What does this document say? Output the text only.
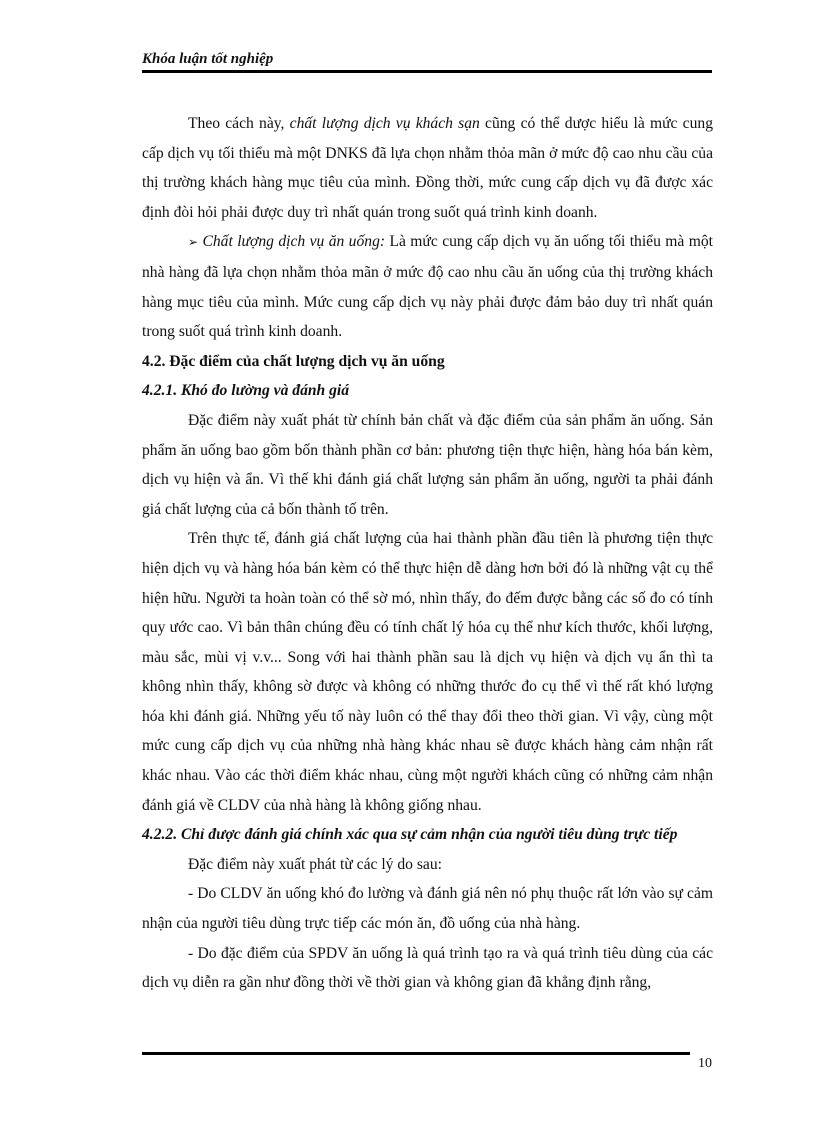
Khóa luận tốt nghiệp

Theo cách này, chất lượng dịch vụ khách sạn cũng có thể dược hiểu là mức cung cấp dịch vụ tối thiểu mà một DNKS đã lựa chọn nhằm thỏa mãn ở mức độ cao nhu cầu của thị trường khách hàng mục tiêu của mình. Đồng thời, mức cung cấp dịch vụ đã được xác định đòi hỏi phải được duy trì nhất quán trong suốt quá trình kinh doanh.

➢ Chất lượng dịch vụ ăn uống: Là mức cung cấp dịch vụ ăn uống tối thiểu mà một nhà hàng đã lựa chọn nhằm thỏa mãn ở mức độ cao nhu cầu ăn uống của thị trường khách hàng mục tiêu của mình. Mức cung cấp dịch vụ này phải được đảm bảo duy trì nhất quán trong suốt quá trình kinh doanh.

4.2. Đặc điểm của chất lượng dịch vụ ăn uống

4.2.1. Khó đo lường và đánh giá

Đặc điểm này xuất phát từ chính bản chất và đặc điểm của sản phẩm ăn uống. Sản phẩm ăn uống bao gồm bốn thành phần cơ bản: phương tiện thực hiện, hàng hóa bán kèm, dịch vụ hiện và ẩn. Vì thế khi đánh giá chất lượng sản phẩm ăn uống, người ta phải đánh giá chất lượng của cả bốn thành tố trên.

Trên thực tế, đánh giá chất lượng của hai thành phần đầu tiên là phương tiện thực hiện dịch vụ và hàng hóa bán kèm có thể thực hiện dễ dàng hơn bởi đó là những vật cụ thể hiện hữu. Người ta hoàn toàn có thể sờ mó, nhìn thấy, đo đếm được bằng các số đo có tính quy ước cao. Vì bản thân chúng đều có tính chất lý hóa cụ thể như kích thước, khối lượng, màu sắc, mùi vị v.v... Song với hai thành phần sau là dịch vụ hiện và dịch vụ ẩn thì ta không nhìn thấy, không sờ được và không có những thước đo cụ thể vì thế rất khó lượng hóa khi đánh giá. Những yếu tố này luôn có thể thay đổi theo thời gian. Vì vậy, cùng một mức cung cấp dịch vụ của những nhà hàng khác nhau sẽ được khách hàng cảm nhận rất khác nhau. Vào các thời điểm khác nhau, cùng một người khách cũng có những cảm nhận đánh giá về CLDV của nhà hàng là không giống nhau.

4.2.2. Chỉ được đánh giá chính xác qua sự cảm nhận của người tiêu dùng trực tiếp

Đặc điểm này xuất phát từ các lý do sau:

- Do CLDV ăn uống khó đo lường và đánh giá nên nó phụ thuộc rất lớn vào sự cảm nhận của người tiêu dùng trực tiếp các món ăn, đồ uống của nhà hàng.

- Do đặc điểm của SPDV ăn uống là quá trình tạo ra và quá trình tiêu dùng của các dịch vụ diễn ra gần như đồng thời về thời gian và không gian đã khẳng định rằng,

10
